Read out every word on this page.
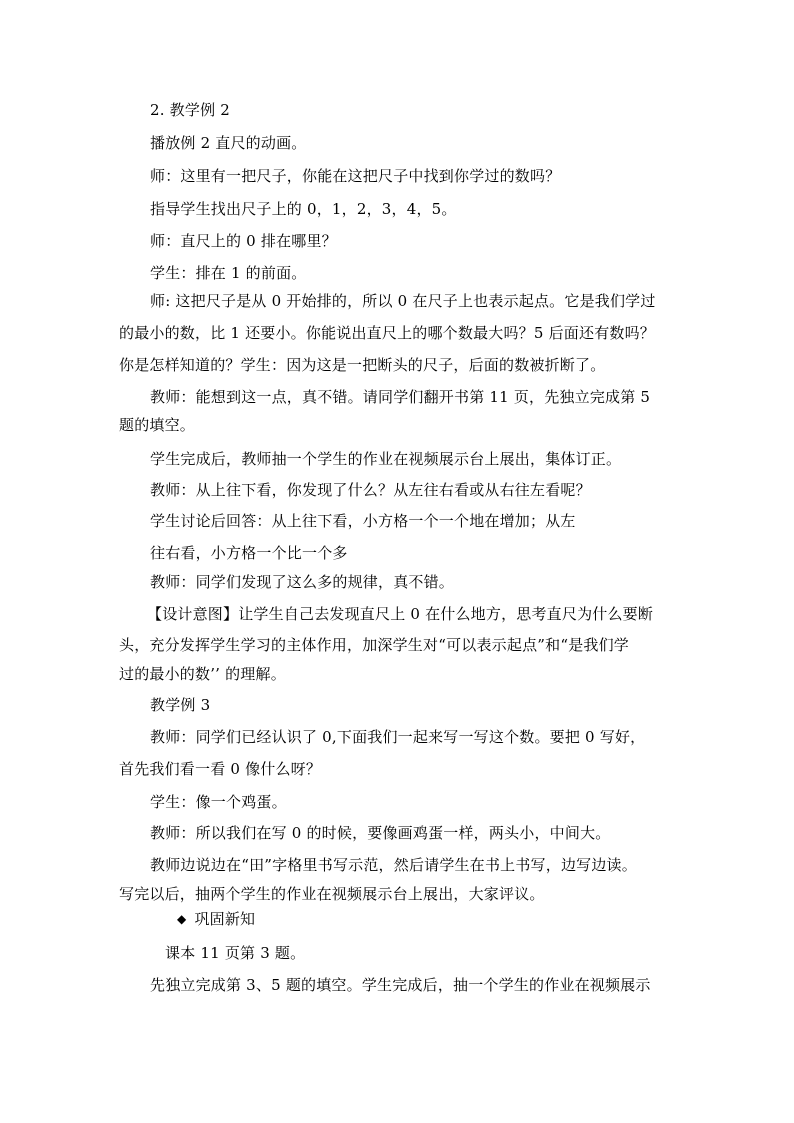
2. 教学例 2
播放例 2 直尺的动画。
师：这里有一把尺子，你能在这把尺子中找到你学过的数吗？
指导学生找出尺子上的 0，1，2，3，4，5。
师：直尺上的 0 排在哪里？
学生：排在 1 的前面。
师: 这把尺子是从 0 开始排的，所以 0 在尺子上也表示起点。它是我们学过
的最小的数，比 1 还要小。你能说出直尺上的哪个数最大吗？5 后面还有数吗？
你是怎样知道的？学生：因为这是一把断头的尺子，后面的数被折断了。
教师：能想到这一点，真不错。请同学们翻开书第 11 页，先独立完成第 5
题的填空。
学生完成后，教师抽一个学生的作业在视频展示台上展出，集体订正。
教师：从上往下看，你发现了什么？从左往右看或从右往左看呢？
学生讨论后回答：从上往下看，小方格一个一个地在增加；从左
往右看，小方格一个比一个多
教师：同学们发现了这么多的规律，真不错。
【设计意图】让学生自己去发现直尺上 0 在什么地方，思考直尺为什么要断
头，充分发挥学生学习的主体作用，加深学生对“可以表示起点”和“是我们学
过的最小的数’’ 的理解。
教学例 3
教师：同学们已经认识了 0,下面我们一起来写一写这个数。要把 0 写好，
首先我们看一看 0 像什么呀？
学生：像一个鸡蛋。
教师：所以我们在写 0 的时候，要像画鸡蛋一样，两头小，中间大。
教师边说边在“田”字格里书写示范，然后请学生在书上书写，边写边读。
写完以后，抽两个学生的作业在视频展示台上展出，大家评议。
◆ 巩固新知
课本 11 页第 3 题。
先独立完成第 3、5 题的填空。学生完成后，抽一个学生的作业在视频展示
